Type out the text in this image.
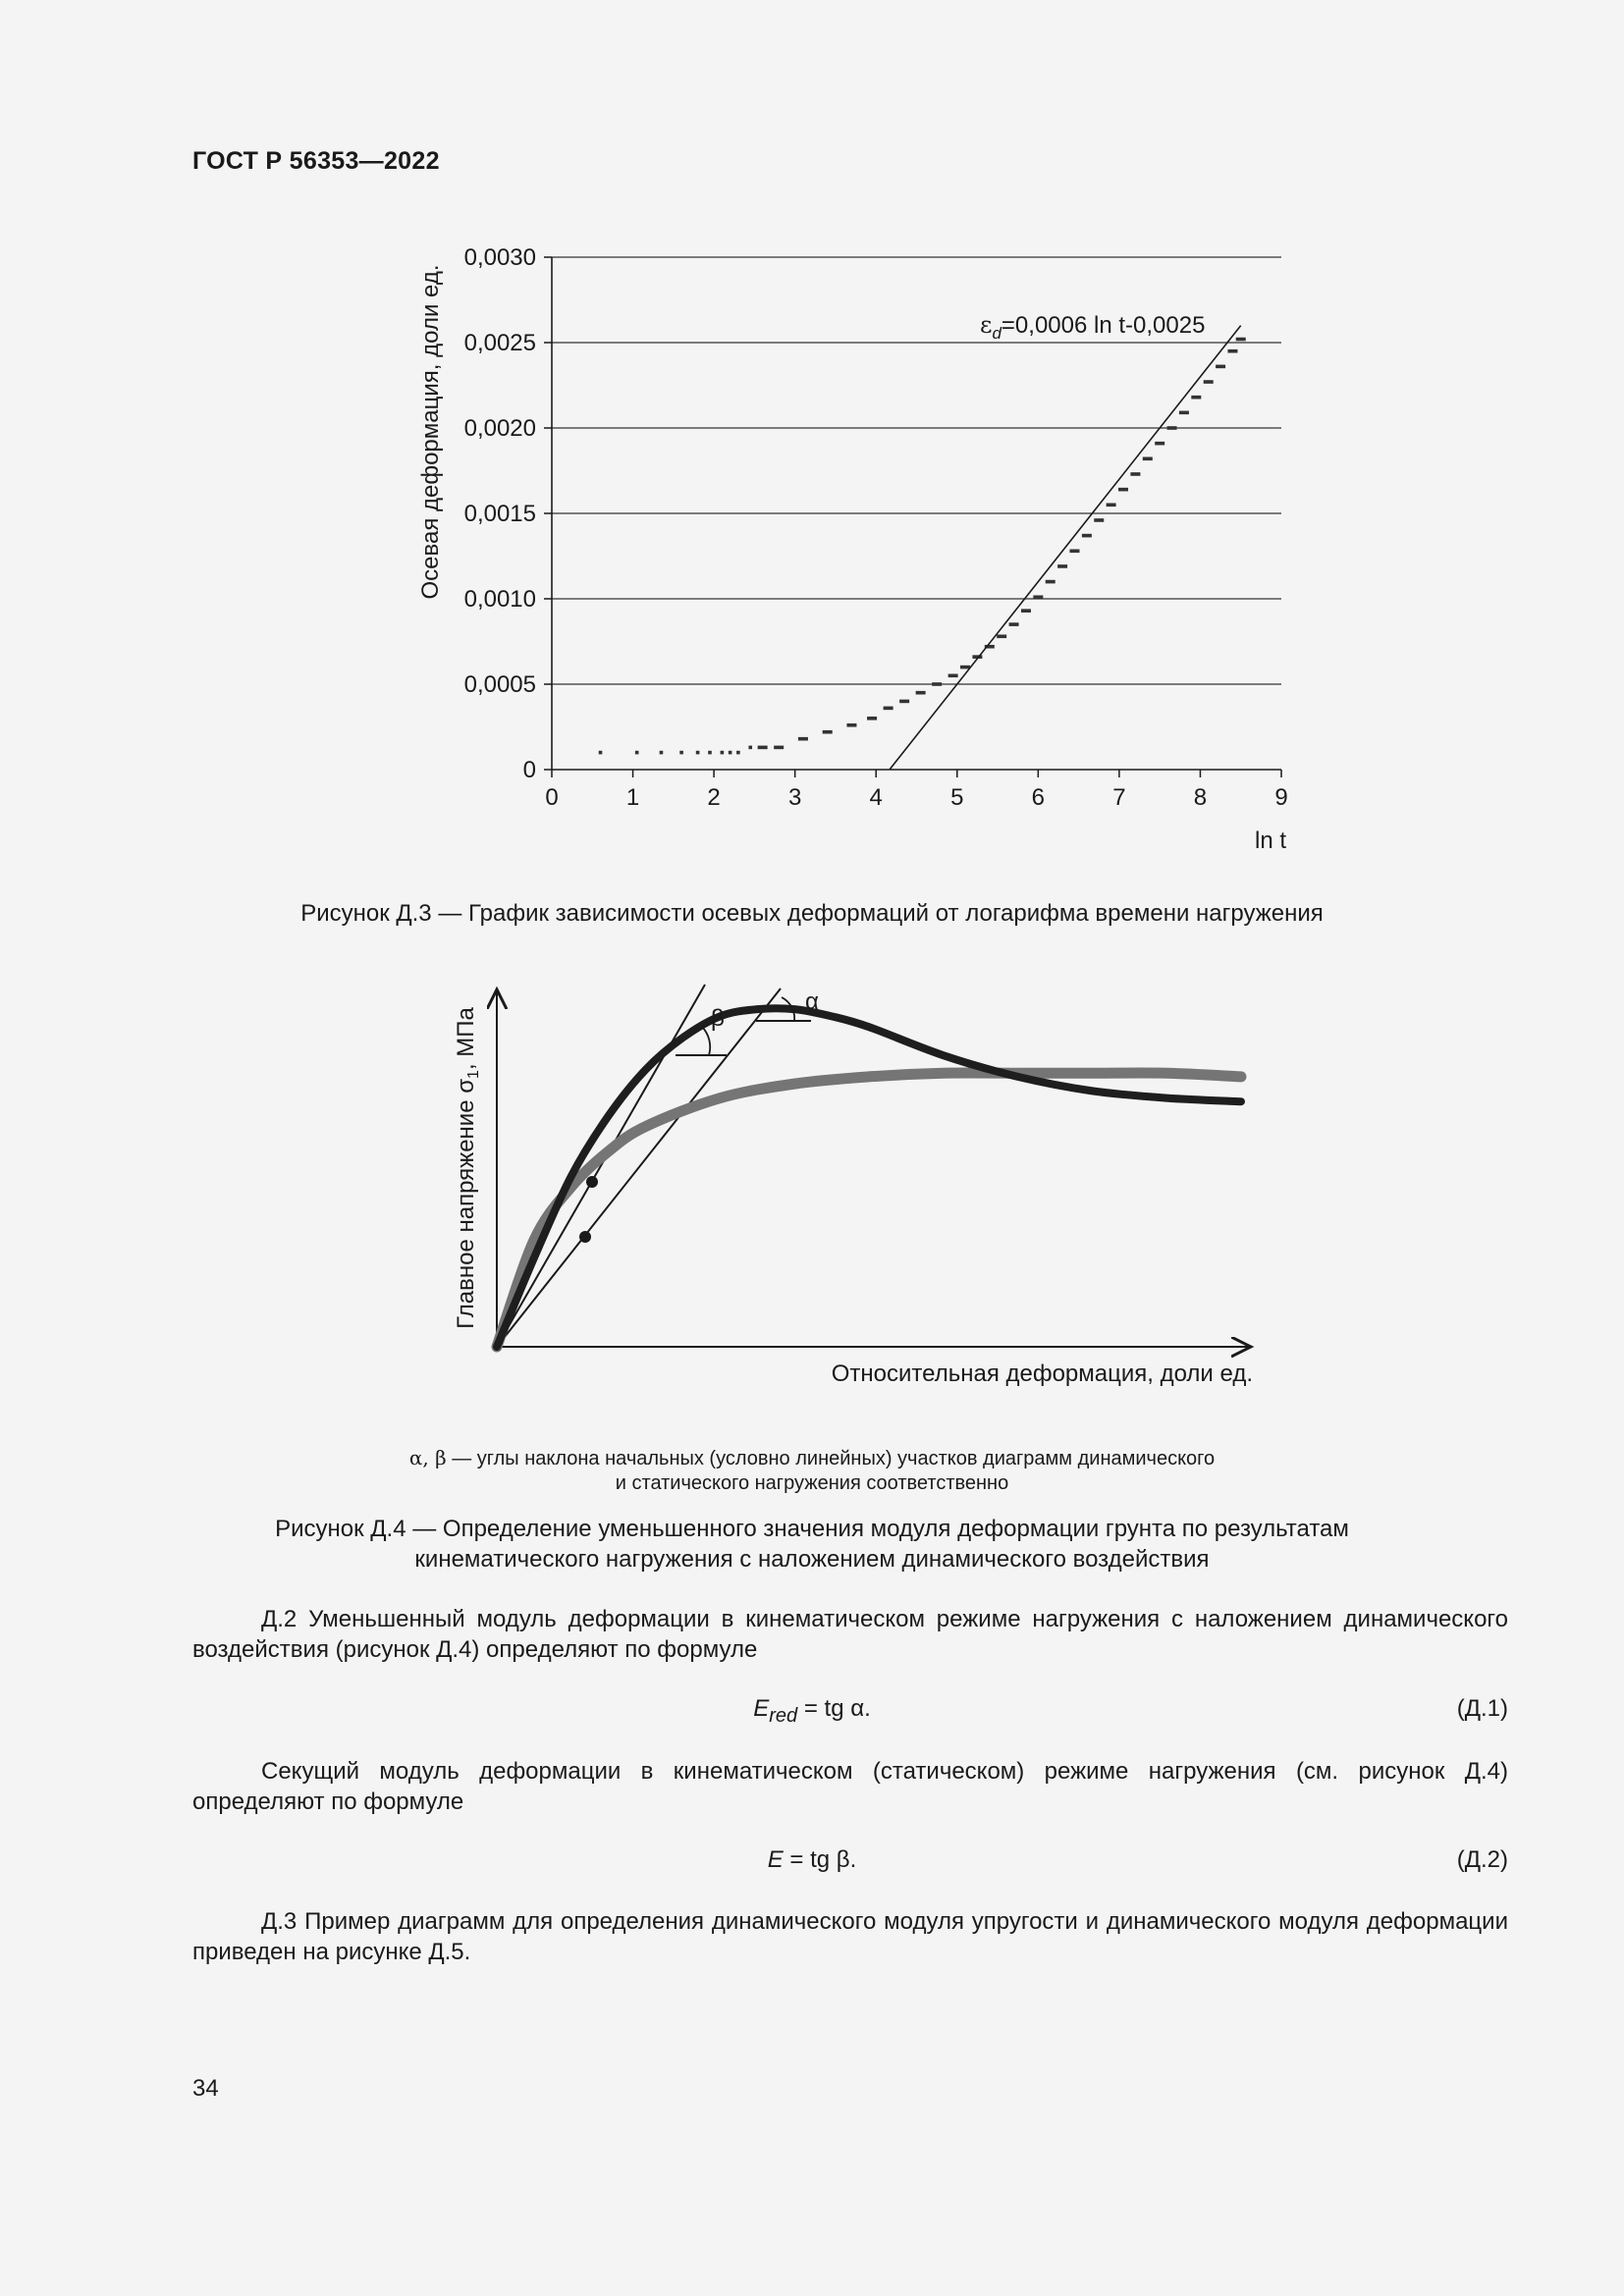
ГОСТ Р 56353—2022
0
0,0005
0,0010
0,0015
0,0020
0,0025
0,0030
0	1	2	3	4	5	6	7	8	9
$\varepsilon_d=0,0006$ ln t-0,0025
Осевая деформация, доли ед.
ln t
Рисунок Д.3 — График зависимости осевых деформаций от логарифма времени нагружения
β
α
Главное напряжение $\sigma_1$, МПа
Относительная деформация, доли ед.
α, β — углы наклона начальных (условно линейных) участков диаграмм динамического
и статического нагружения соответственно
Рисунок Д.4 — Определение уменьшенного значения модуля деформации грунта по результатам
кинематического нагружения с наложением динамического воздействия
Д.2 Уменьшенный модуль деформации в кинематическом режиме нагружения с наложением динамического воздействия (рисунок Д.4) определяют по формуле
$E_{red}$ = tg α.	(Д.1)
Секущий модуль деформации в кинематическом (статическом) режиме нагружения (см. рисунок Д.4) определяют по формуле
E = tg β.	(Д.2)
Д.3 Пример диаграмм для определения динамического модуля упругости и динамического модуля деформации приведен на рисунке Д.5.
34
